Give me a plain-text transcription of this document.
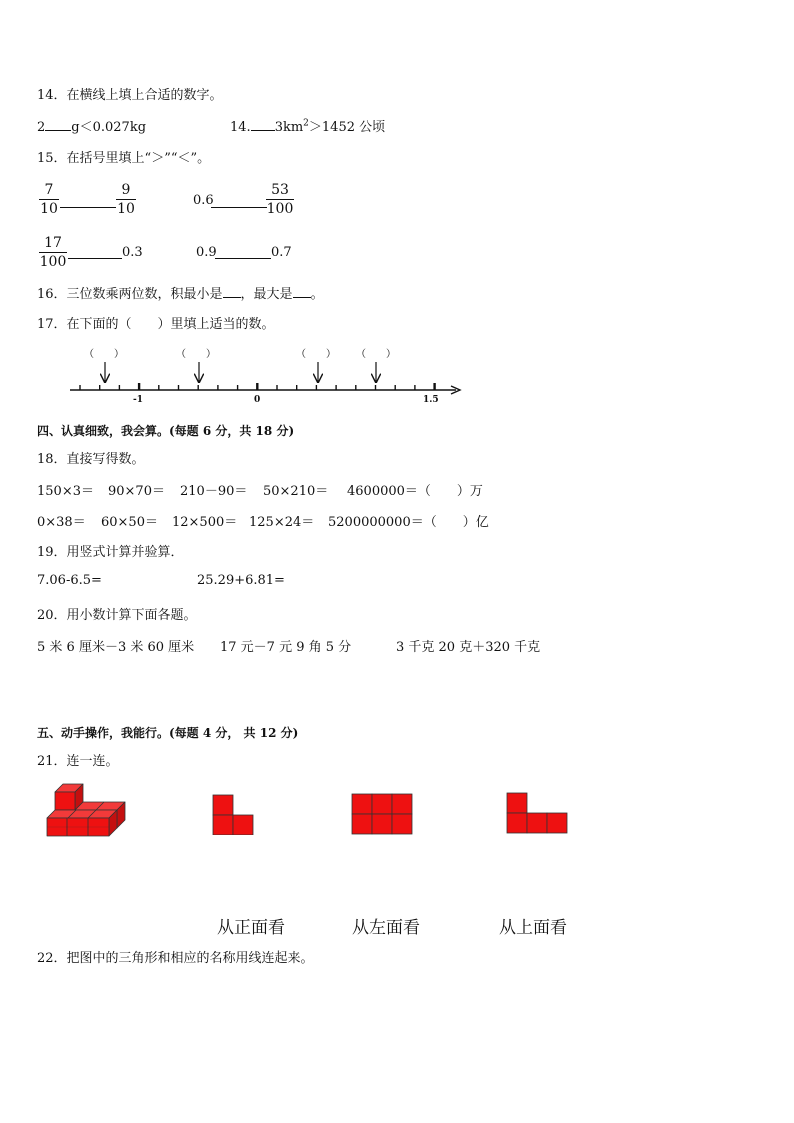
14．在横线上填上合适的数字。
2 g＜0.027kg	14. $3km^2>1452$ 公顷
15．在括号里填上“＞”“＜”。
$\frac{7}{10}$	$\frac{9}{10}$	0.6	$\frac{53}{100}$
$\frac{17}{100}$	0.3	0.9	0.7
16．三位数乘两位数，积最小是 ，最大是 。
17．在下面的（　　）里填上适当的数。
（　　）	（　　）	（　　） （　　）
-1	0	1.5
四、认真细致，我会算。(每题 6 分，共 18 分)
18．直接写得数。
150×3＝ 90×70＝ 210－90＝ 50×210＝ 4600000＝（　　）万
0×38＝ 60×50＝ 12×500＝ 125×24＝ 5200000000＝（　　）亿
19．用竖式计算并验算．
7.06-6.5=	25.29+6.81=
20．用小数计算下面各题。
5 米 6 厘米－3 米 60 厘米 17 元－7 元 9 角 5 分	3 千克 20 克＋320 千克
五、动手操作，我能行。(每题 4 分， 共 12 分)
21．连一连。
从正面看	从左面看	从上面看
22．把图中的三角形和相应的名称用线连起来。
